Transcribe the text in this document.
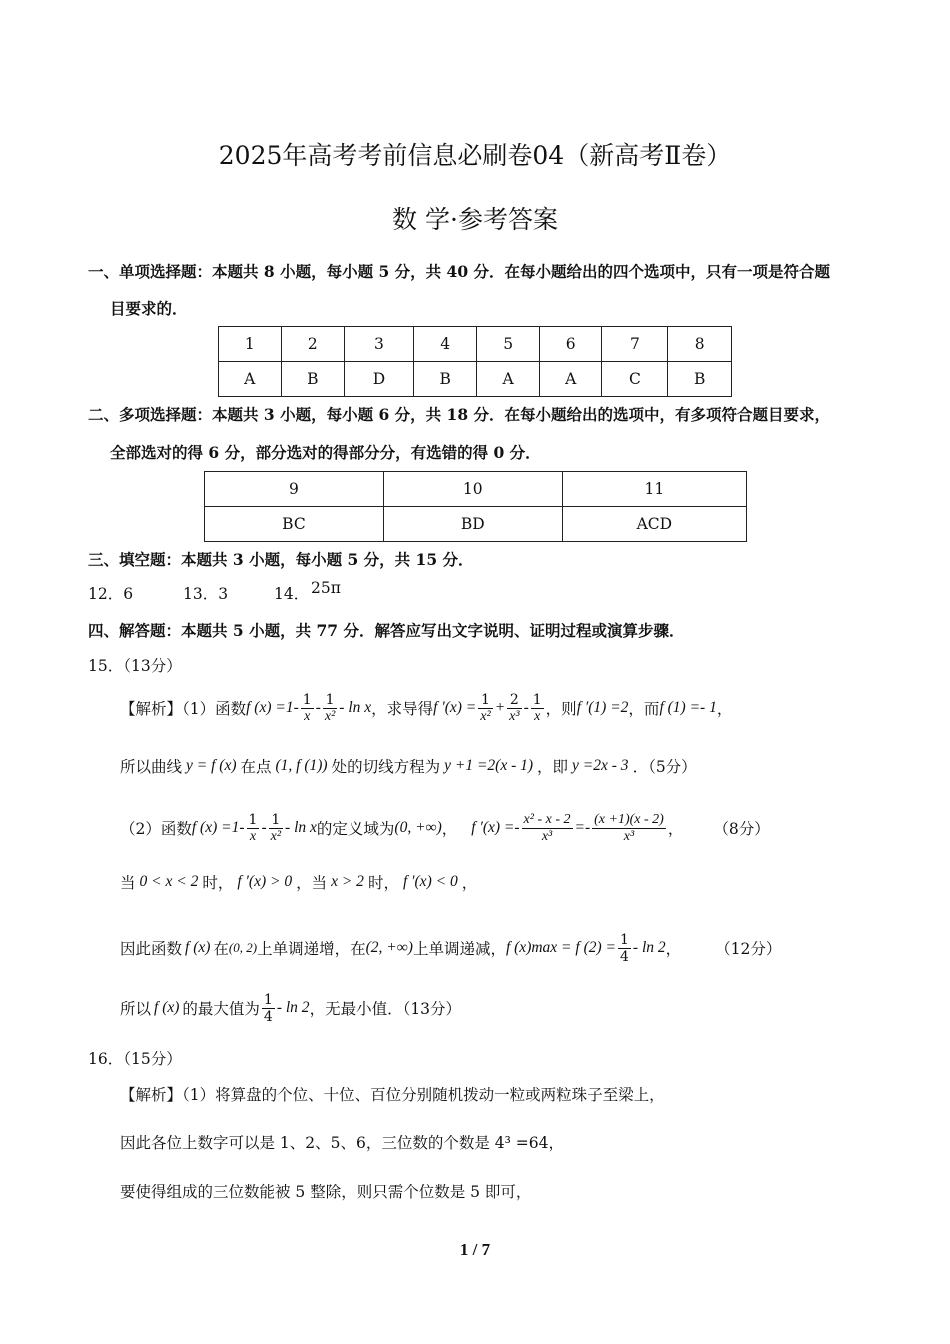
2025年高考考前信息必刷卷04（新高考Ⅱ卷）
数 学·参考答案
一、单项选择题：本题共 8 小题，每小题 5 分，共 40 分．在每小题给出的四个选项中，只有一项是符合题
目要求的．
1	2	3	4	5	6	7	8
A	B	D	B	A	A	C	B
二、多项选择题：本题共 3 小题，每小题 6 分，共 18 分．在每小题给出的选项中，有多项符合题目要求，
全部选对的得 6 分，部分选对的得部分分，有选错的得 0 分．
9	10	11
BC	BD	ACD
三、填空题：本题共 3 小题，每小题 5 分，共 15 分．
12．6	13．3	14． 25π
四、解答题：本题共 5 小题，共 77 分．解答应写出文字说明、证明过程或演算步骤．
15．（13分）
【解析】（1）函数 f $(x) =1- \frac{1}{x} - \frac{1}{\text{x²}} - \ln x$ ，求导得 f $'(x) = \frac{1}{\text{x²}} + \frac{2}{\text{x³}} - \frac{1}{x}$ ，则 f ′(1) =2 ，而 f (1) =- 1 ，
所以曲线 y = f (x) 在点 (1, f (1)) 处的切线方程为 y +1 =2(x - 1) ，即 y =2x - 3 ．（5分）
（2）函数 f $(x) =1- \frac{1}{x} - \frac{1}{\text{x²}} - \ln x$ 的定义域为 (0, +∞) ， f $'(x) =- \frac{\text{x² - x - 2}}{\text{x³}} =- \frac{(x +1)(x - 2)}{\text{x³}}$ ， （8分）
当 0 < x < 2 时， f ′(x) > 0 ，当 x > 2 时， f ′(x) < 0 ，
因此函数 f (x) 在 (0, 2) 上单调递增，在 (2, +∞) 上单调递减， f (x)max = f $(2) = \frac{1}{4} - \ln 2$ ， （12分）
所以 f (x) 的最大值为 $\frac{1}{4}$ - ln 2 ，无最小值．（13分）
16．（15分）
【解析】（1）将算盘的个位、十位、百位分别随机拨动一粒或两粒珠子至梁上，
因此各位上数字可以是 1、2、5、6，三位数的个数是 4³ =64，
要使得组成的三位数能被 5 整除，则只需个位数是 5 即可，
1 / 7
